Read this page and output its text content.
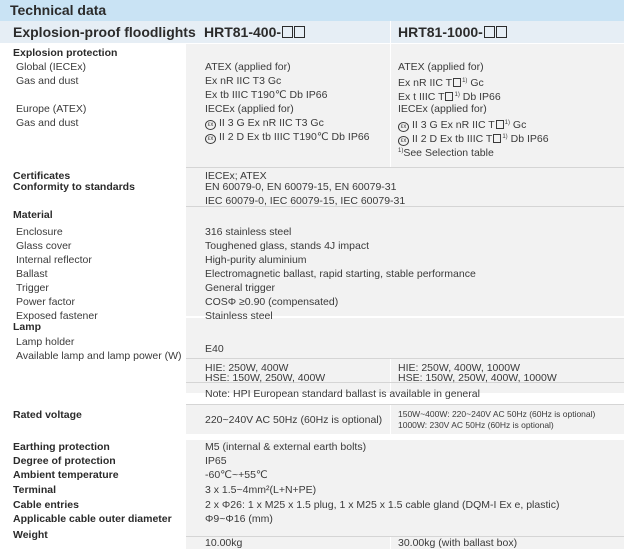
Technical data
Explosion-proof floodlights HRT81-400-	HRT81-1000-
Explosion protection
Global (IECEx)
Gas and dust
Europe (ATEX)
Gas and dust
Certificates
Conformity to standards
Material
Enclosure
Glass cover
Internal reflector
Ballast
Trigger
Power factor
Exposed fastener
Lamp
Lamp holder
Available lamp and lamp power (W)
Rated voltage
Earthing protection
Degree of protection
Ambient temperature
Terminal
Cable entries
Applicable cable outer diameter
Weight
ATEX (applied for)
Ex nR IIC T3 Gc
Ex tb IIIC T190℃ Db IP66
IECEx (applied for)
εx II 3 G Ex nR IIC T3 Gc
εx II 2 D Ex tb IIIC T190℃ Db IP66
ATEX (applied for)
Ex nR IIC T $^{1)}$ Gc
Ex t IIIC T $^{1)}$ Db IP66
IECEx (applied for)
εx II 3 G Ex nR IIC T $^{1)}$ Gc
εx II 2 D Ex tb IIIC T $^{1)}$ Db IP66
$^{1)}$See Selection table
IECEx; ATEX
EN 60079-0, EN 60079-15, EN 60079-31
IEC 60079-0, IEC 60079-15, IEC 60079-31
316 stainless steel
Toughened glass, stands 4J impact
High-purity aluminium
Electromagnetic ballast, rapid starting, stable performance
General trigger
COSΦ ≥0.90 (compensated)
Stainless steel
E40
HIE: 250W, 400W
HSE: 150W, 250W, 400W
HIE: 250W, 400W, 1000W
HSE: 150W, 250W, 400W, 1000W
Note: HPI European standard ballast is available in general
220~240V AC 50Hz (60Hz is optional) 150W~400W: 220~240V AC 50Hz (60Hz is optional)
1000W: 230V AC 50Hz (60Hz is optional)
M5 (internal & external earth bolts)
IP65
-60℃~+55℃
3 x 1.5~4mm²(L+N+PE)
2 x Φ26: 1 x M25 x 1.5 plug, 1 x M25 x 1.5 cable gland (DQM-I Ex e, plastic)
Φ9~Φ16 (mm)
10.00kg	30.00kg (with ballast box)
